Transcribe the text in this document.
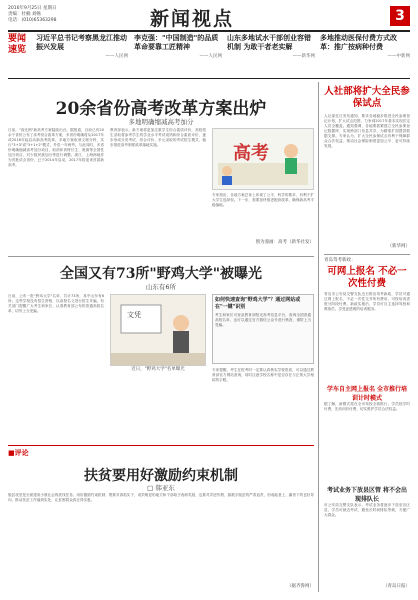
2016年9月25日 星期日
责编：杜楠 刘畅
电话：(010)65363298	新闻视点	3
要闻速览
习近平总书记考察黑龙江推动振兴发展
——人民网
李克强："中国制造"的品质革命要靠工匠精神
——人民网
山东多地试水干部创业容错机制 为敢干者老实解
——新华网
多地推动医保付费方式改革：推广按病种付费
——中新网
20余省份高考改革方案出炉
多地明确缩减高考加分
日前，"高比例"新高考方案陆续出台。据报道，目前已有20余个省份公布了高考综合改革方案，多省份明确将从2017年或2018年起启动新高考改革。多地方案取消文理分科，实行"3+3"或"3+1+2"模式，外语一年两考。与此同时，多省份明确缩减高考加分项目，取消体育特长生、奥赛等全国性加分项目，对少数民族加分等进行调整。浙江、上海两地作为首批试点省份，已于2014年启动，2017年将迎来首届新高考。
教育部表示，新方案将更加注重学生综合素质评价，高校招生录取将参考学生的学业水平考试成绩和综合素质评价，逐步形成分类考试、综合评价、多元录取的考试招生模式，稳步推进高考制度改革落地实施。	高考
专家指出，各地方案总体上体现了公平、科学的要求，有利于扩大学生选择权。下一步，需要加快推进配套改革，确保新高考平稳落地。
图为漫画：高考（新华社发）
全国又有73所"野鸡大学"被曝光
山东有6所
日前，公布一批"野鸡大学"名单，共计73所，其中山东有6所。这些学校没有招生资格，以高校名义进行招生诈骗。有关部门提醒广大考生和家长，认准教育部公布的普通高校名单，切勿上当受骗。	文凭
近日，"野鸡大学"名单曝光
如何快速查询"野鸡大学"？通过网站或在"一键"识别
考生和家长可登录教育部阳光高考信息平台，查询全国普通高校名单，也可以通过官方微信公众号进行核查，谨防上当受骗。
专家提醒，考生在报考时一定要认真核实学校资质，可以通过教育部官方网站查询，同时注意学校名称中是否存在与正规大学相似的字眼。
■评论
扶贫要用好激励约束机制
□ 韩亚东
脱贫攻坚是全面建成小康社会的底线任务。用好激励约束机制，既要对真抓实干、成效明显的地方和干部给予表彰奖励，也要对弄虚作假、搞数字脱贫的严肃追责，形成能者上、庸者下的良好导向，推动扶贫工作落到实处，让贫困群众真正得实惠。
（据齐鲁网）
人社部将扩大全民参保试点
人社部近日发布通知，要求各地稳步推进全民参保登记计划，扩大试点范围，力争到2017年基本实现法定人员全覆盖。通知强调，各地要抓紧建立全民参保登记数据库，实现跨部门信息共享，为精准扩面提供数据支撑。专家认为，扩大全民参保试点有利于保障群众合法权益，推动社会保险制度更加公平、更可持续发展。
（新华网）
青岛驾考新政：
可网上报名 不必一次性付费
青岛市公安局交警支队近日推出驾考新政，学员可通过网上报名，不必一次性交齐所有费用，可按培训进度分阶段付费。新政实施后，学员可自主选择驾校和教练员，享受更透明的培训服务。
学车自主网上报名 全市推行培训计时模式
据了解，新模式将在全市驾校全面推行，学员按学时付费，先培训后付费，切实维护学员合法权益。
考试业务下放县区管 将不会出现排队长
市公安局交警支队表示，考试业务将逐步下放至各区县，学员可就近考试，避免长时间排队等候，方便广大群众。
（青岛日报）
